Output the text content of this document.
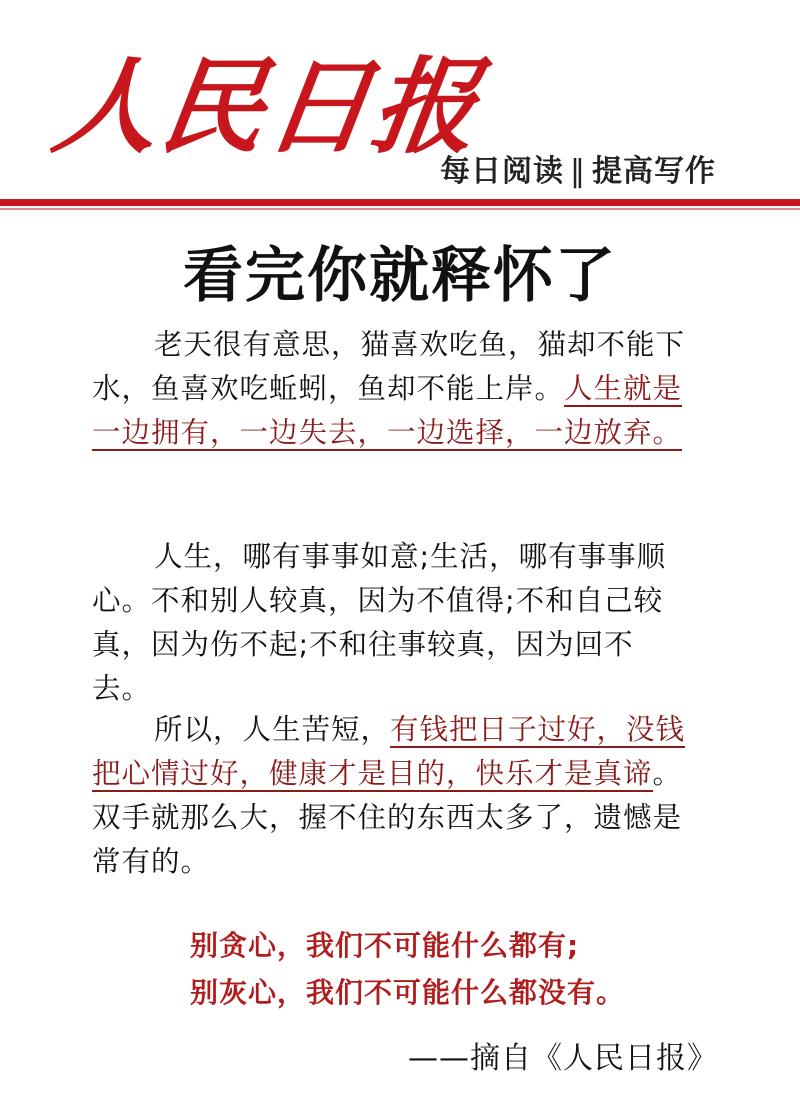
人民日报
每日阅读 ‖ 提高写作
看完你就释怀了
老天很有意思，猫喜欢吃鱼，猫却不能下水，鱼喜欢吃蚯蚓，鱼却不能上岸。人生就是一边拥有，一边失去，一边选择，一边放弃。
人生，哪有事事如意;生活，哪有事事顺心。不和别人较真，因为不值得;不和自己较真，因为伤不起;不和往事较真，因为回不去。
所以，人生苦短，有钱把日子过好，没钱把心情过好，健康才是目的，快乐才是真谛。双手就那么大，握不住的东西太多了，遗憾是常有的。
别贪心，我们不可能什么都有;
别灰心，我们不可能什么都没有。
——摘自《人民日报》
